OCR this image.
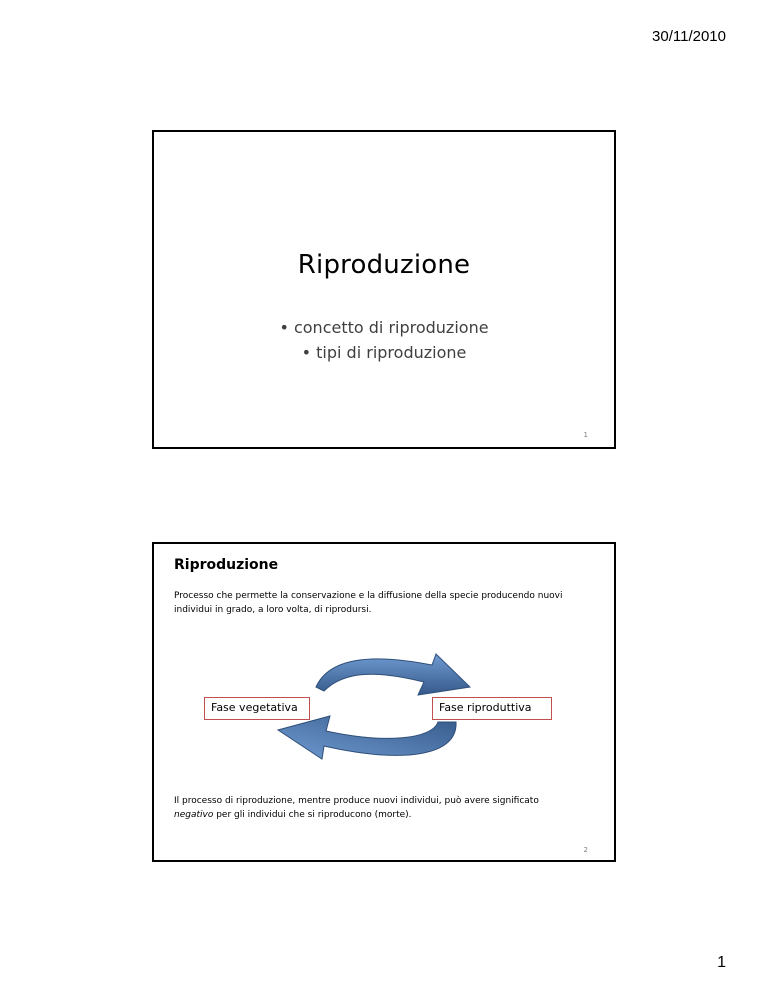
30/11/2010
Riproduzione
• concetto di riproduzione
• tipi di riproduzione
1
Riproduzione
Processo che permette la conservazione e la diffusione della specie producendo nuovi
individui in grado, a loro volta, di riprodursi.
Fase vegetativa	Fase riproduttiva
Il processo di riproduzione, mentre produce nuovi individui, può avere significato
negativo per gli individui che si riproducono (morte).
2
1
